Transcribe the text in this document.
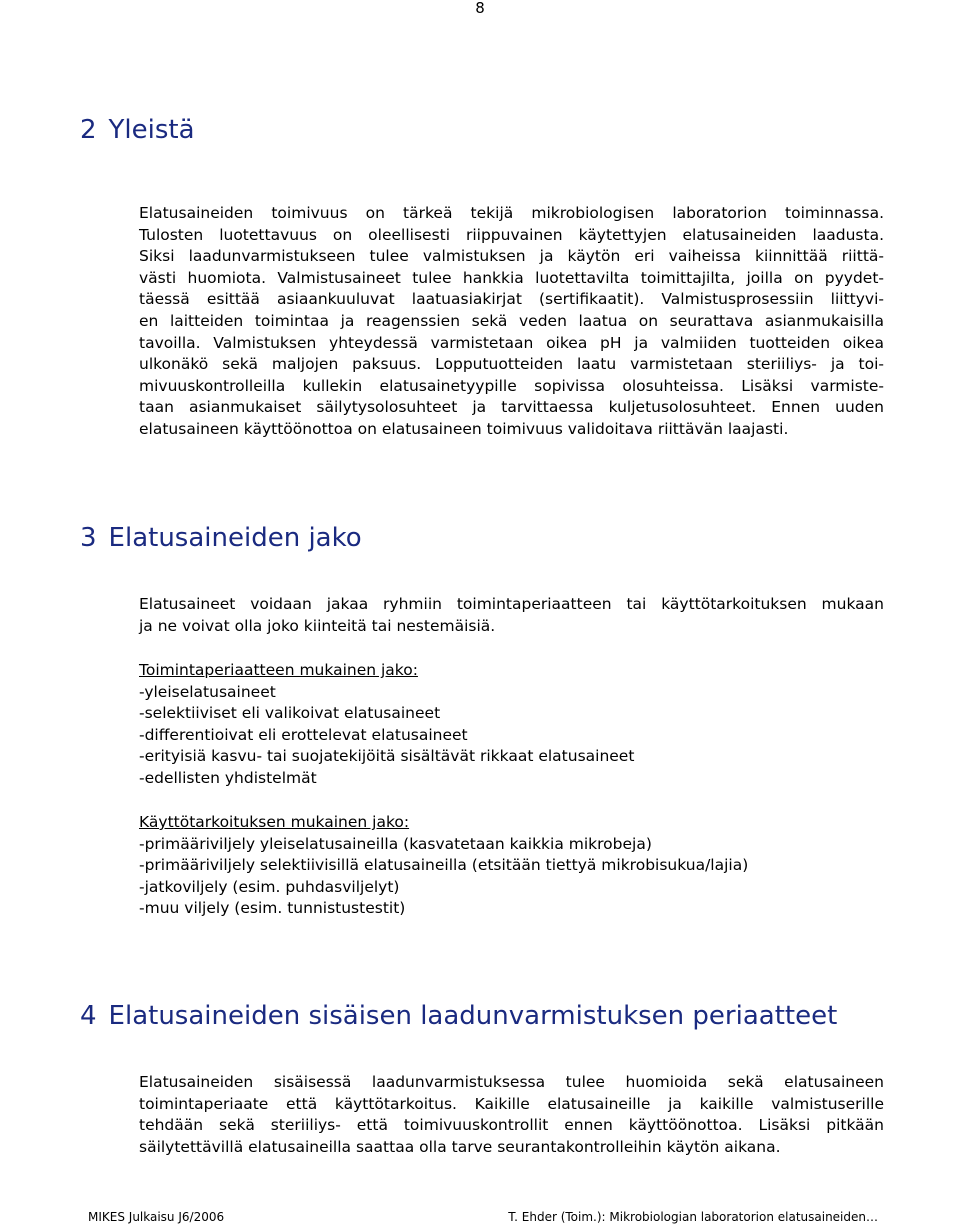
8
2 Yleistä
Elatusaineiden toimivuus on tärkeä tekijä mikrobiologisen laboratorion toiminnassa.
Tulosten luotettavuus on oleellisesti riippuvainen käytettyjen elatusaineiden laadusta.
Siksi laadunvarmistukseen tulee valmistuksen ja käytön eri vaiheissa kiinnittää riittä-
västi huomiota. Valmistusaineet tulee hankkia luotettavilta toimittajilta, joilla on pyydet-
täessä esittää asiaankuuluvat laatuasiakirjat (sertifikaatit). Valmistusprosessiin liittyvi-
en laitteiden toimintaa ja reagenssien sekä veden laatua on seurattava asianmukaisilla
tavoilla. Valmistuksen yhteydessä varmistetaan oikea pH ja valmiiden tuotteiden oikea
ulkonäkö sekä maljojen paksuus. Lopputuotteiden laatu varmistetaan steriiliys- ja toi-
mivuuskontrolleilla kullekin elatusainetyypille sopivissa olosuhteissa. Lisäksi varmiste-
taan asianmukaiset säilytysolosuhteet ja tarvittaessa kuljetusolosuhteet. Ennen uuden
elatusaineen käyttöönottoa on elatusaineen toimivuus validoitava riittävän laajasti.
3 Elatusaineiden jako
Elatusaineet voidaan jakaa ryhmiin toimintaperiaatteen tai käyttötarkoituksen mukaan
ja ne voivat olla joko kiinteitä tai nestemäisiä.
Toimintaperiaatteen mukainen jako:
-yleiselatusaineet
-selektiiviset eli valikoivat elatusaineet
-differentioivat eli erottelevat elatusaineet
-erityisiä kasvu- tai suojatekijöitä sisältävät rikkaat elatusaineet
-edellisten yhdistelmät
Käyttötarkoituksen mukainen jako:
-primääriviljely yleiselatusaineilla (kasvatetaan kaikkia mikrobeja)
-primääriviljely selektiivisillä elatusaineilla (etsitään tiettyä mikrobisukua/lajia)
-jatkoviljely (esim. puhdasviljelyt)
-muu viljely (esim. tunnistustestit)
4 Elatusaineiden sisäisen laadunvarmistuksen periaatteet
Elatusaineiden sisäisessä laadunvarmistuksessa tulee huomioida sekä elatusaineen
toimintaperiaate että käyttötarkoitus. Kaikille elatusaineille ja kaikille valmistuserille
tehdään sekä steriiliys- että toimivuuskontrollit ennen käyttöönottoa. Lisäksi pitkään
säilytettävillä elatusaineilla saattaa olla tarve seurantakontrolleihin käytön aikana.
MIKES Julkaisu J6/2006	T. Ehder (Toim.): Mikrobiologian laboratorion elatusaineiden…
